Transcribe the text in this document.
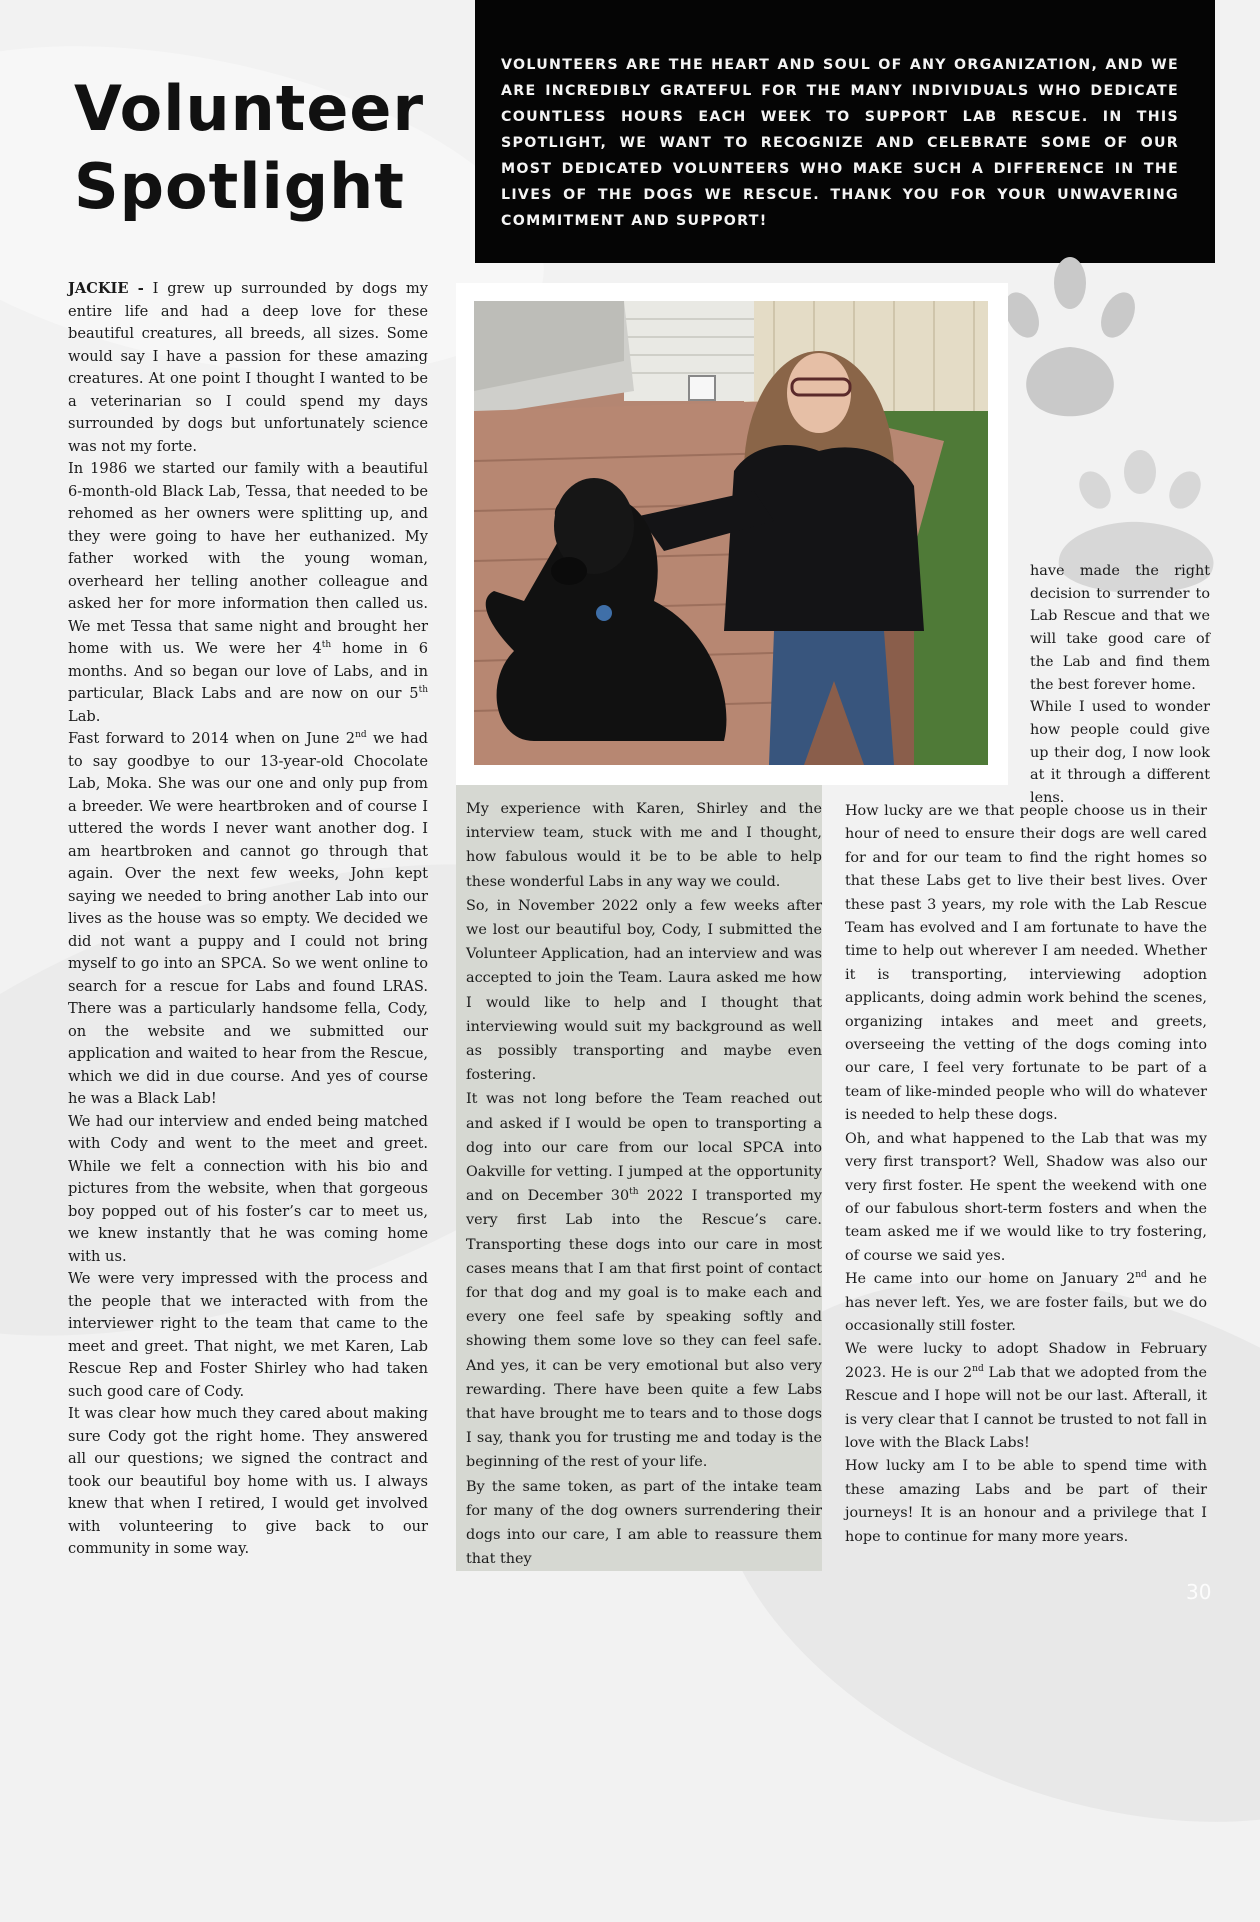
Volunteer
Spotlight

VOLUNTEERS ARE THE HEART AND SOUL OF ANY ORGANIZATION, AND WE ARE INCREDIBLY GRATEFUL FOR THE MANY INDIVIDUALS WHO DEDICATE COUNTLESS HOURS EACH WEEK TO SUPPORT LAB RESCUE. IN THIS SPOTLIGHT, WE WANT TO RECOGNIZE AND CELEBRATE SOME OF OUR MOST DEDICATED VOLUNTEERS WHO MAKE SUCH A DIFFERENCE IN THE LIVES OF THE DOGS WE RESCUE. THANK YOU FOR YOUR UNWAVERING COMMITMENT AND SUPPORT!

JACKIE - I grew up surrounded by dogs my entire life and had a deep love for these beautiful creatures, all breeds, all sizes. Some would say I have a passion for these amazing creatures. At one point I thought I wanted to be a veterinarian so I could spend my days surrounded by dogs but unfortunately science was not my forte.

In 1986 we started our family with a beautiful 6-month-old Black Lab, Tessa, that needed to be rehomed as her owners were splitting up, and they were going to have her euthanized. My father worked with the young woman, overheard her telling another colleague and asked her for more information then called us. We met Tessa that same night and brought her home with us. We were her 4th home in 6 months. And so began our love of Labs, and in particular, Black Labs and are now on our 5th Lab.

Fast forward to 2014 when on June 2nd we had to say goodbye to our 13-year-old Chocolate Lab, Moka. She was our one and only pup from a breeder. We were heartbroken and of course I uttered the words I never want another dog. I am heartbroken and cannot go through that again. Over the next few weeks, John kept saying we needed to bring another Lab into our lives as the house was so empty. We decided we did not want a puppy and I could not bring myself to go into an SPCA. So we went online to search for a rescue for Labs and found LRAS. There was a particularly handsome fella, Cody, on the website and we submitted our application and waited to hear from the Rescue, which we did in due course. And yes of course he was a Black Lab!

We had our interview and ended being matched with Cody and went to the meet and greet. While we felt a connection with his bio and pictures from the website, when that gorgeous boy popped out of his foster’s car to meet us, we knew instantly that he was coming home with us.

We were very impressed with the process and the people that we interacted with from the interviewer right to the team that came to the meet and greet. That night, we met Karen, Lab Rescue Rep and Foster Shirley who had taken such good care of Cody.

It was clear how much they cared about making sure Cody got the right home. They answered all our questions; we signed the contract and took our beautiful boy home with us. I always knew that when I retired, I would get involved with volunteering to give back to our community in some way.

have made the right decision to surrender to Lab Rescue and that we will take good care of the Lab and find them the best forever home.

While I used to wonder how people could give up their dog, I now look at it through a different lens.

My experience with Karen, Shirley and the interview team, stuck with me and I thought, how fabulous would it be to be able to help these wonderful Labs in any way we could.

So, in November 2022 only a few weeks after we lost our beautiful boy, Cody, I submitted the Volunteer Application, had an interview and was accepted to join the Team. Laura asked me how I would like to help and I thought that interviewing would suit my background as well as possibly transporting and maybe even fostering.

It was not long before the Team reached out and asked if I would be open to transporting a dog into our care from our local SPCA into Oakville for vetting. I jumped at the opportunity and on December 30th 2022 I transported my very first Lab into the Rescue’s care. Transporting these dogs into our care in most cases means that I am that first point of contact for that dog and my goal is to make each and every one feel safe by speaking softly and showing them some love so they can feel safe. And yes, it can be very emotional but also very rewarding. There have been quite a few Labs that have brought me to tears and to those dogs I say, thank you for trusting me and today is the beginning of the rest of your life.

By the same token, as part of the intake team for many of the dog owners surrendering their dogs into our care, I am able to reassure them that they

How lucky are we that people choose us in their hour of need to ensure their dogs are well cared for and for our team to find the right homes so that these Labs get to live their best lives. Over these past 3 years, my role with the Lab Rescue Team has evolved and I am fortunate to have the time to help out wherever I am needed. Whether it is transporting, interviewing adoption applicants, doing admin work behind the scenes, organizing intakes and meet and greets, overseeing the vetting of the dogs coming into our care, I feel very fortunate to be part of a team of like-minded people who will do whatever is needed to help these dogs.

Oh, and what happened to the Lab that was my very first transport? Well, Shadow was also our very first foster. He spent the weekend with one of our fabulous short-term fosters and when the team asked me if we would like to try fostering, of course we said yes.

He came into our home on January 2nd and he has never left. Yes, we are foster fails, but we do occasionally still foster.

We were lucky to adopt Shadow in February 2023. He is our 2nd Lab that we adopted from the Rescue and I hope will not be our last. Afterall, it is very clear that I cannot be trusted to not fall in love with the Black Labs!

How lucky am I to be able to spend time with these amazing Labs and be part of their journeys! It is an honour and a privilege that I hope to continue for many more years.

30
